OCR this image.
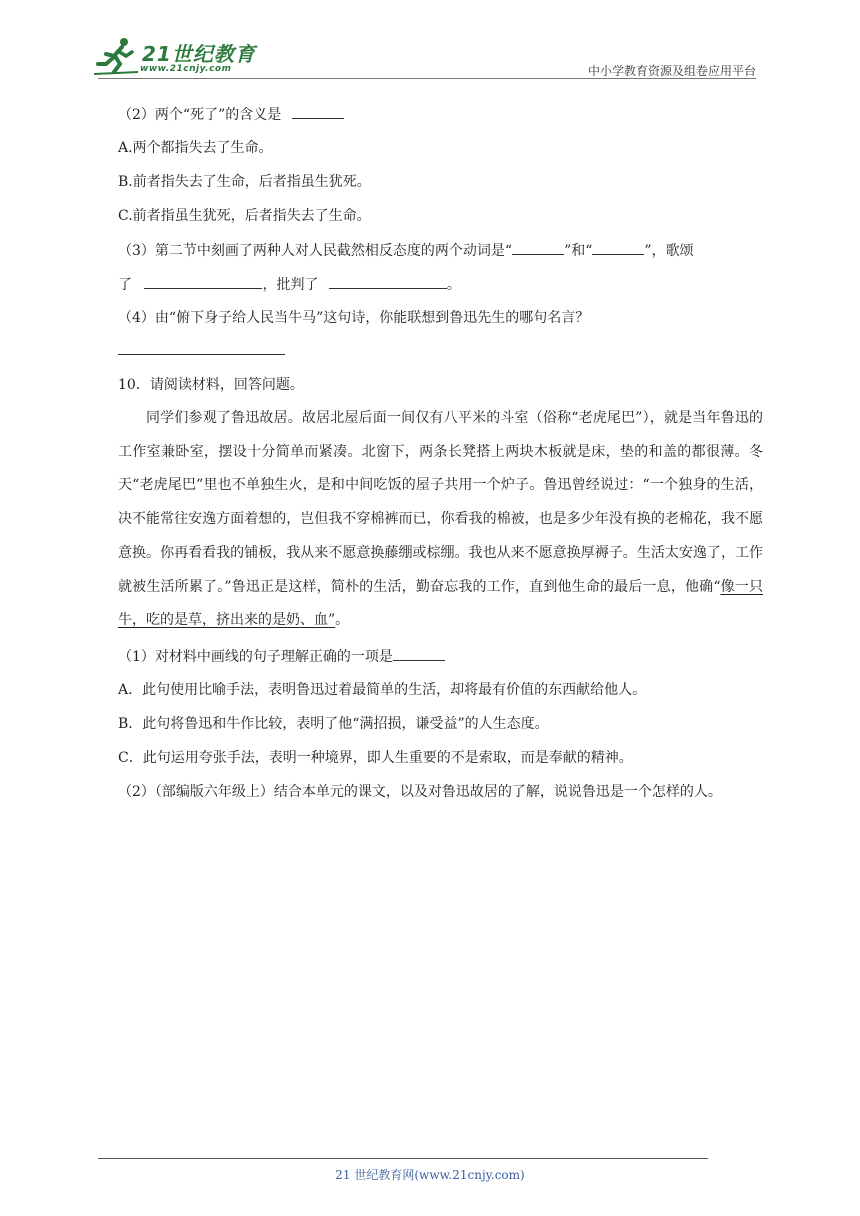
21世纪教育
www.21cnjy.com	中小学教育资源及组卷应用平台
（2）两个“死了”的含义是
A.两个都指失去了生命。
B.前者指失去了生命，后者指虽生犹死。
C.前者指虽生犹死，后者指失去了生命。
（3）第二节中刻画了两种人对人民截然相反态度的两个动词是“	”和“	”，歌颂
了	，批判了	。
（4）由“俯下身子给人民当牛马”这句诗，你能联想到鲁迅先生的哪句名言？
10．请阅读材料，回答问题。
同学们参观了鲁迅故居。故居北屋后面一间仅有八平米的斗室（俗称“老虎尾巴”），就是当年鲁迅的工作室兼卧室，摆设十分简单而紧凑。北窗下，两条长凳搭上两块木板就是床，垫的和盖的都很薄。冬天“老虎尾巴”里也不单独生火，是和中间吃饭的屋子共用一个炉子。鲁迅曾经说过：“一个独身的生活，决不能常往安逸方面着想的，岂但我不穿棉裤而已，你看我的棉被，也是多少年没有换的老棉花，我不愿意换。你再看看我的铺板，我从来不愿意换藤绷或棕绷。我也从来不愿意换厚褥子。生活太安逸了，工作就被生活所累了。”鲁迅正是这样，简朴的生活，勤奋忘我的工作，直到他生命的最后一息，他确“像一只牛，吃的是草，挤出来的是奶、血”。
（1）对材料中画线的句子理解正确的一项是
A．此句使用比喻手法，表明鲁迅过着最简单的生活，却将最有价值的东西献给他人。
B．此句将鲁迅和牛作比较，表明了他“满招损，谦受益”的人生态度。
C．此句运用夸张手法，表明一种境界，即人生重要的不是索取，而是奉献的精神。
（2）（部编版六年级上）结合本单元的课文，以及对鲁迅故居的了解，说说鲁迅是一个怎样的人。
21 世纪教育网(www.21cnjy.com)
